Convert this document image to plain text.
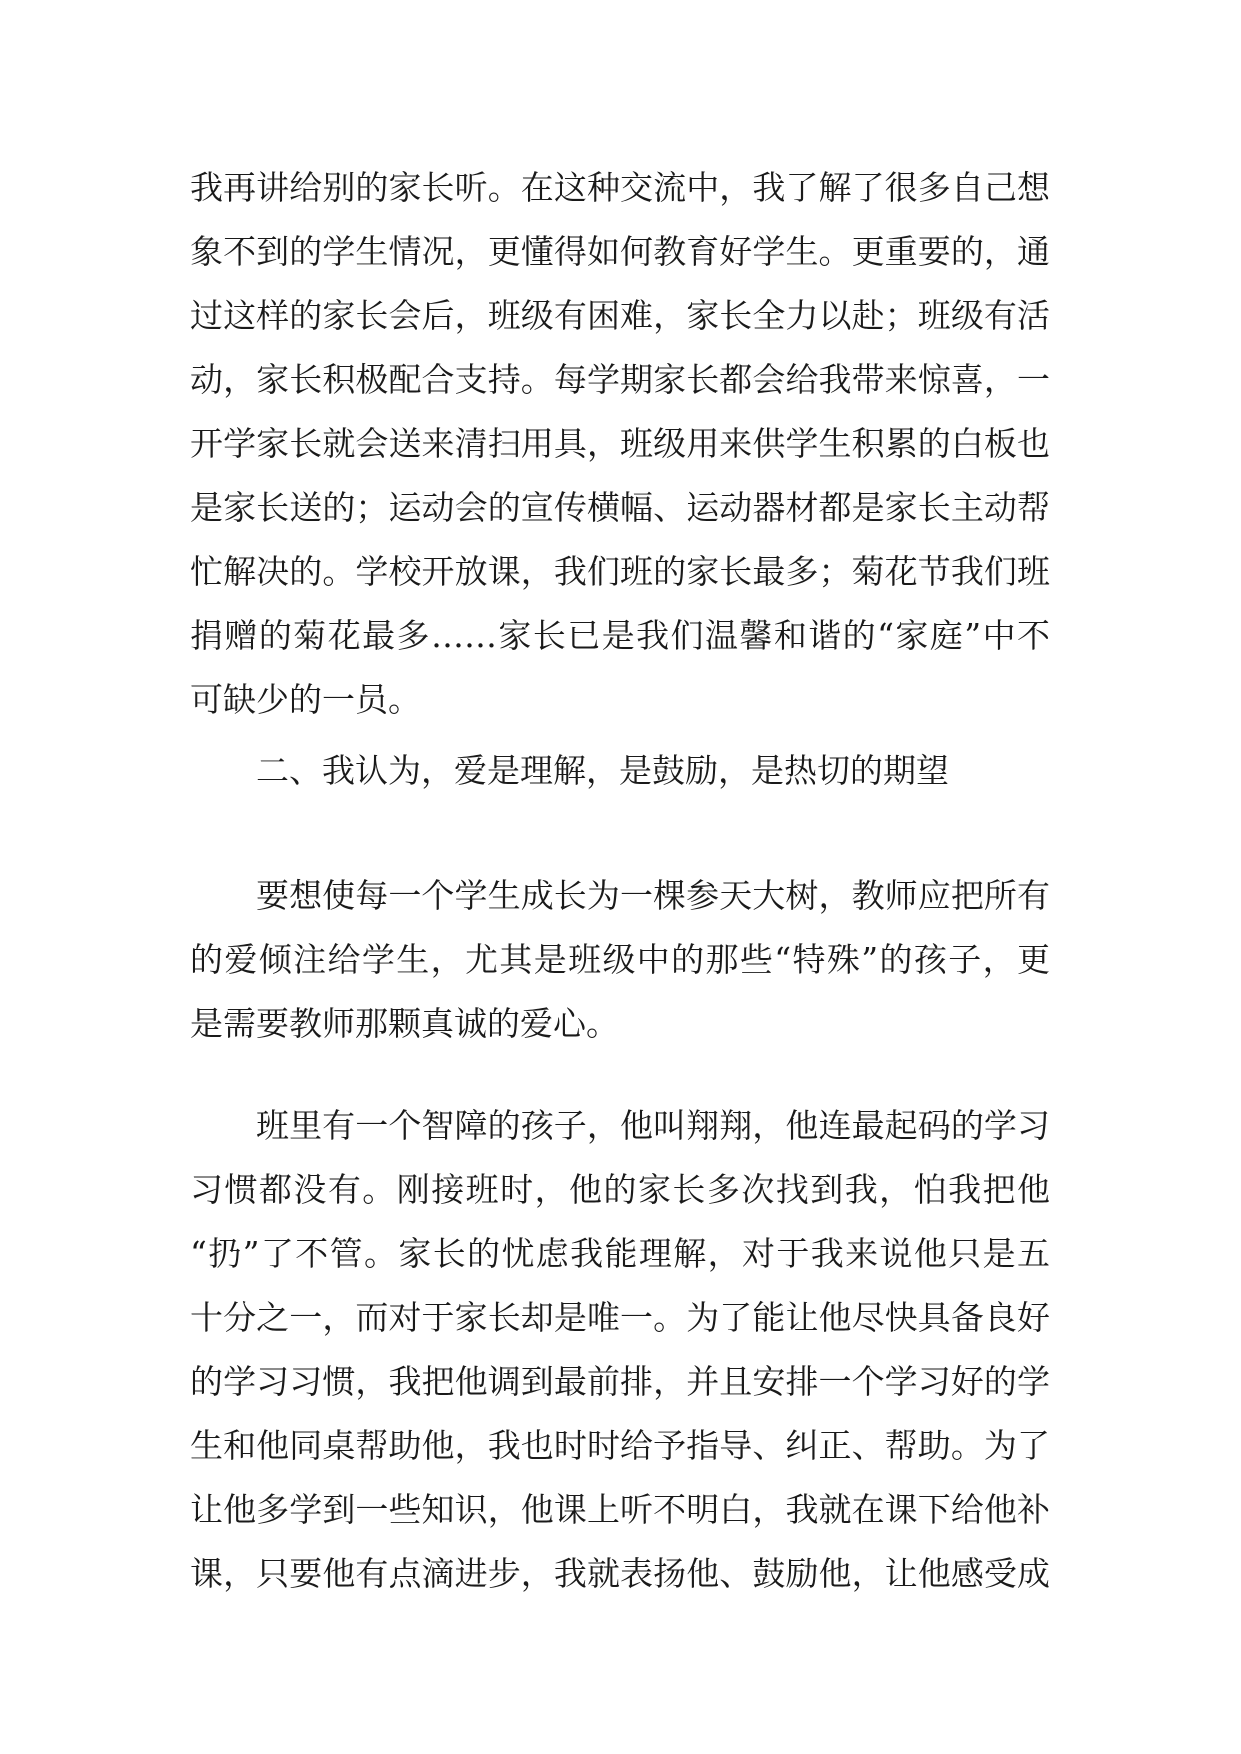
我再讲给别的家长听。在这种交流中，我了解了很多自己想
象不到的学生情况，更懂得如何教育好学生。更重要的，通
过这样的家长会后，班级有困难，家长全力以赴；班级有活
动，家长积极配合支持。每学期家长都会给我带来惊喜，一
开学家长就会送来清扫用具，班级用来供学生积累的白板也
是家长送的；运动会的宣传横幅、运动器材都是家长主动帮
忙解决的。学校开放课，我们班的家长最多；菊花节我们班
捐赠的菊花最多……家长已是我们温馨和谐的“家庭”中不
可缺少的一员。
二、我认为，爱是理解，是鼓励，是热切的期望
要想使每一个学生成长为一棵参天大树，教师应把所有
的爱倾注给学生，尤其是班级中的那些“特殊”的孩子，更
是需要教师那颗真诚的爱心。
班里有一个智障的孩子，他叫翔翔，他连最起码的学习
习惯都没有。刚接班时，他的家长多次找到我，怕我把他
“扔”了不管。家长的忧虑我能理解，对于我来说他只是五
十分之一，而对于家长却是唯一。为了能让他尽快具备良好
的学习习惯，我把他调到最前排，并且安排一个学习好的学
生和他同桌帮助他，我也时时给予指导、纠正、帮助。为了
让他多学到一些知识，他课上听不明白，我就在课下给他补
课，只要他有点滴进步，我就表扬他、鼓励他，让他感受成
